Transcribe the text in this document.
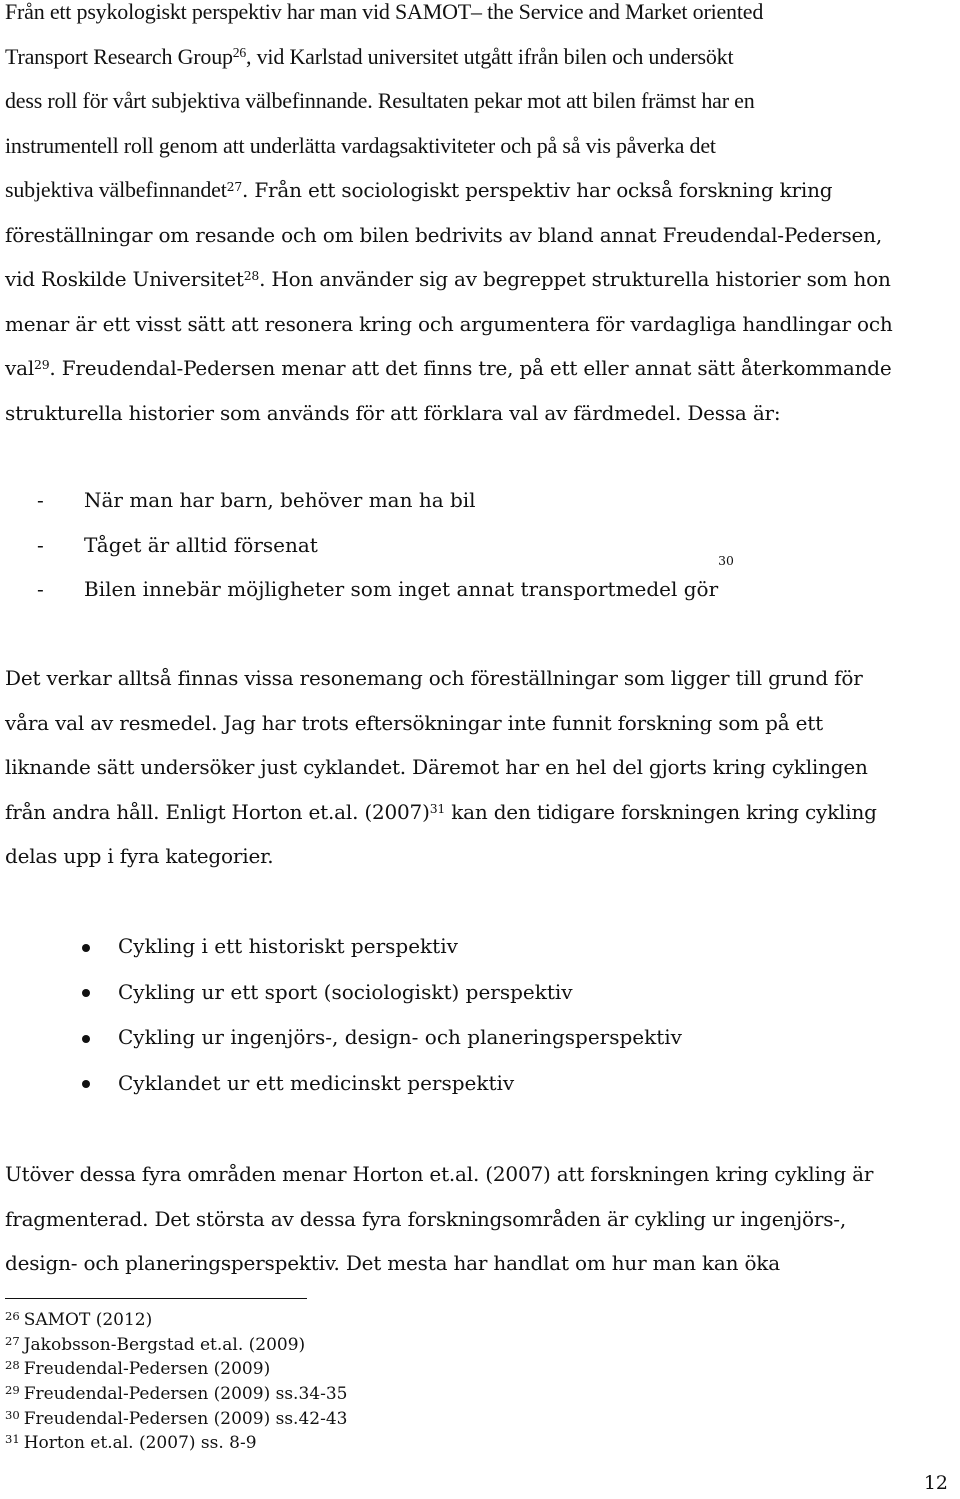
Från ett psykologiskt perspektiv har man vid SAMOT– the Service and Market oriented
Transport Research Group$^{26}$, vid Karlstad universitet utgått ifrån bilen och undersökt
dess roll för vårt subjektiva välbefinnande. Resultaten pekar mot att bilen främst har en
instrumentell roll genom att underlätta vardagsaktiviteter och på så vis påverka det
subjektiva välbefinnandet$^{27}$. Från ett sociologiskt perspektiv har också forskning kring
föreställningar om resande och om bilen bedrivits av bland annat Freudendal-Pedersen,
vid Roskilde Universitet$^{28}$. Hon använder sig av begreppet strukturella historier som hon
menar är ett visst sätt att resonera kring och argumentera för vardagliga handlingar och
val$^{29}$. Freudendal-Pedersen menar att det finns tre, på ett eller annat sätt återkommande
strukturella historier som används för att förklara val av färdmedel. Dessa är:

-	När man har barn, behöver man ha bil
-	Tåget är alltid försenat
-	Bilen innebär möjligheter som inget annat transportmedel gör
$^{30}$

Det verkar alltså finnas vissa resonemang och föreställningar som ligger till grund för
våra val av resmedel. Jag har trots eftersökningar inte funnit forskning som på ett
liknande sätt undersöker just cyklandet. Däremot har en hel del gjorts kring cyklingen
från andra håll. Enligt Horton et.al. $(2007)^{31}$ kan den tidigare forskningen kring cykling
delas upp i fyra kategorier.

Cykling i ett historiskt perspektiv
Cykling ur ett sport (sociologiskt) perspektiv
Cykling ur ingenjörs-, design- och planeringsperspektiv
Cyklandet ur ett medicinskt perspektiv

Utöver dessa fyra områden menar Horton et.al. (2007) att forskningen kring cykling är
fragmenterad. Det största av dessa fyra forskningsområden är cykling ur ingenjörs-,
design- och planeringsperspektiv. Det mesta har handlat om hur man kan öka

$^{26}$ SAMOT (2012)
$^{27}$ Jakobsson-Bergstad et.al. (2009)
$^{28}$ Freudendal-Pedersen (2009)
$^{29}$ Freudendal-Pedersen (2009) ss.34-35
$^{30}$ Freudendal-Pedersen (2009) ss.42-43
$^{31}$ Horton et.al. (2007) ss. 8-9
12
